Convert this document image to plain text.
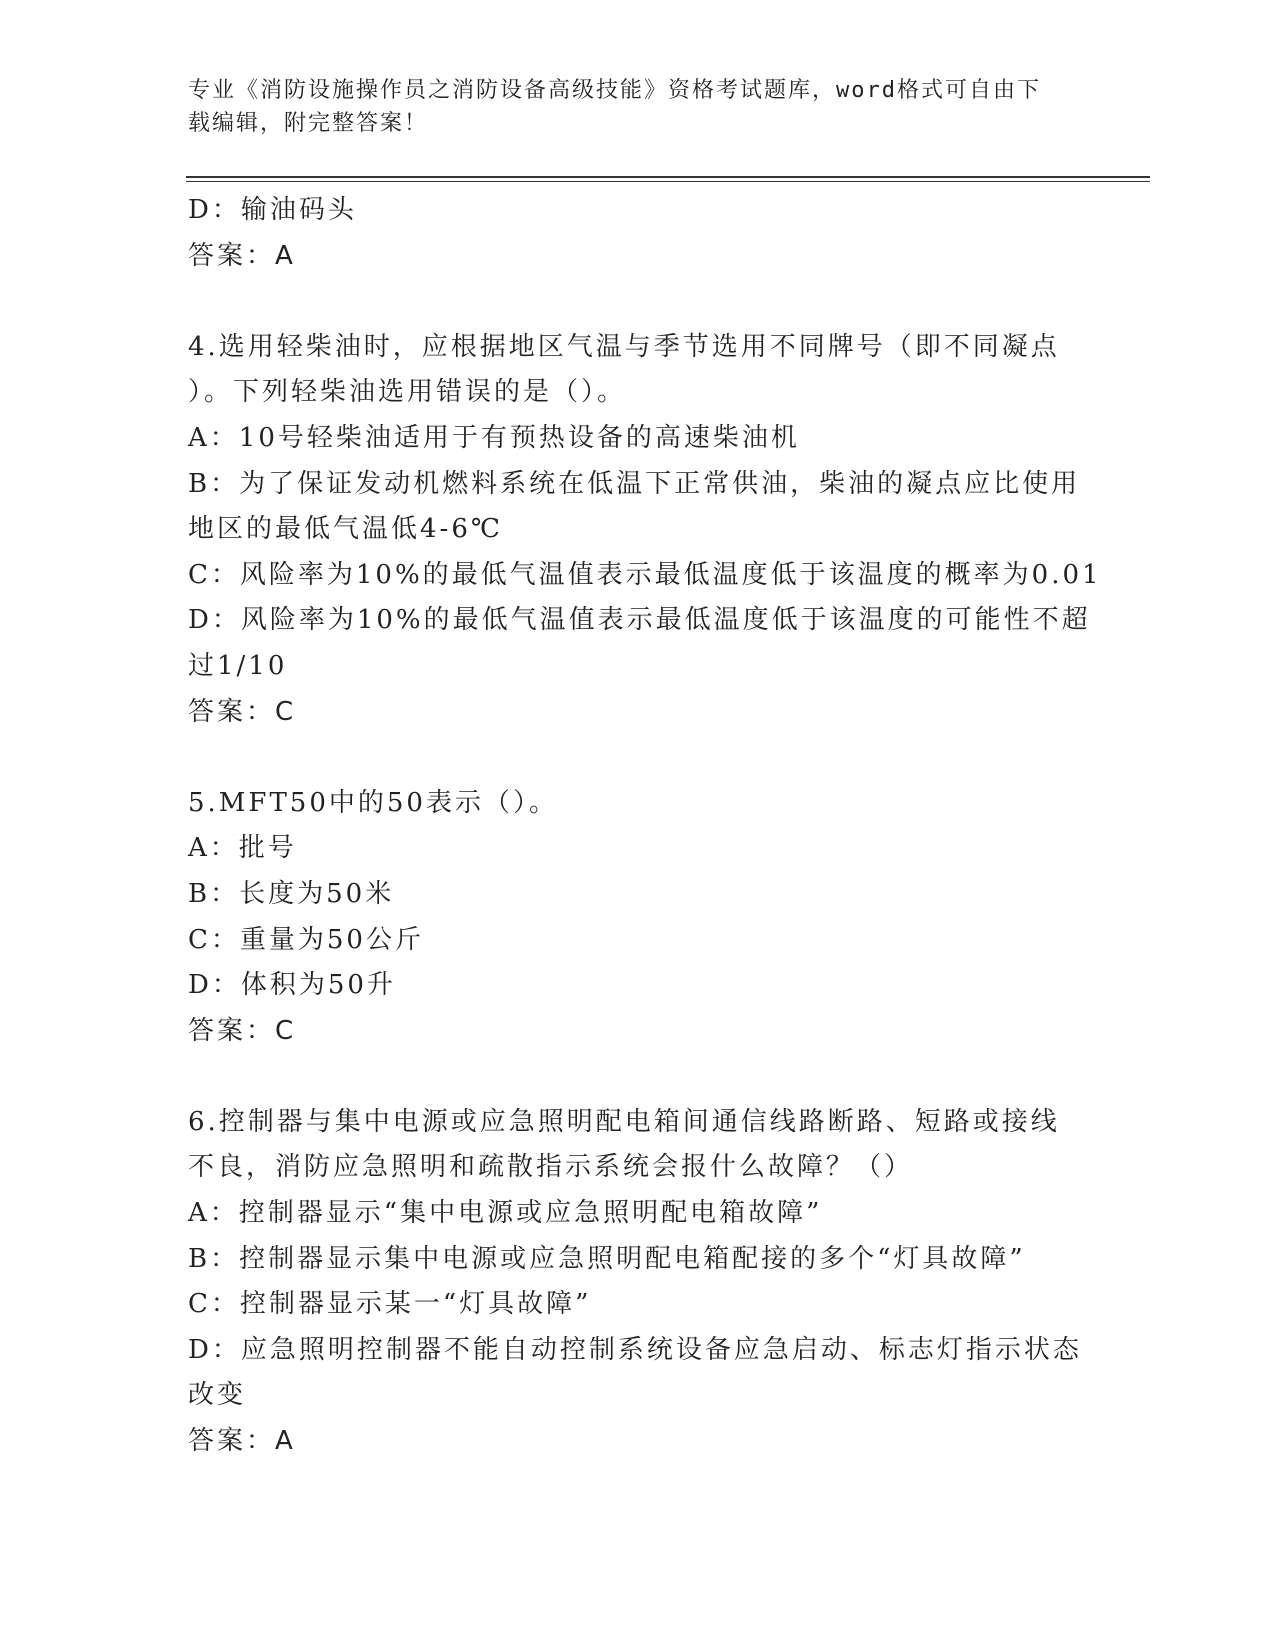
专业《消防设施操作员之消防设备高级技能》资格考试题库，word格式可自由下
载编辑，附完整答案！
D：输油码头
答案：A
4.选用轻柴油时，应根据地区气温与季节选用不同牌号（即不同凝点
）。下列轻柴油选用错误的是（）。
A：10号轻柴油适用于有预热设备的高速柴油机
B：为了保证发动机燃料系统在低温下正常供油，柴油的凝点应比使用
地区的最低气温低4-6℃
C：风险率为10%的最低气温值表示最低温度低于该温度的概率为0.01
D：风险率为10%的最低气温值表示最低温度低于该温度的可能性不超
过1/10
答案：C
5.MFT50中的50表示（）。
A：批号
B：长度为50米
C：重量为50公斤
D：体积为50升
答案：C
6.控制器与集中电源或应急照明配电箱间通信线路断路、短路或接线
不良，消防应急照明和疏散指示系统会报什么故障？（）
A：控制器显示“集中电源或应急照明配电箱故障”
B：控制器显示集中电源或应急照明配电箱配接的多个“灯具故障”
C：控制器显示某一“灯具故障”
D：应急照明控制器不能自动控制系统设备应急启动、标志灯指示状态
改变
答案：A
